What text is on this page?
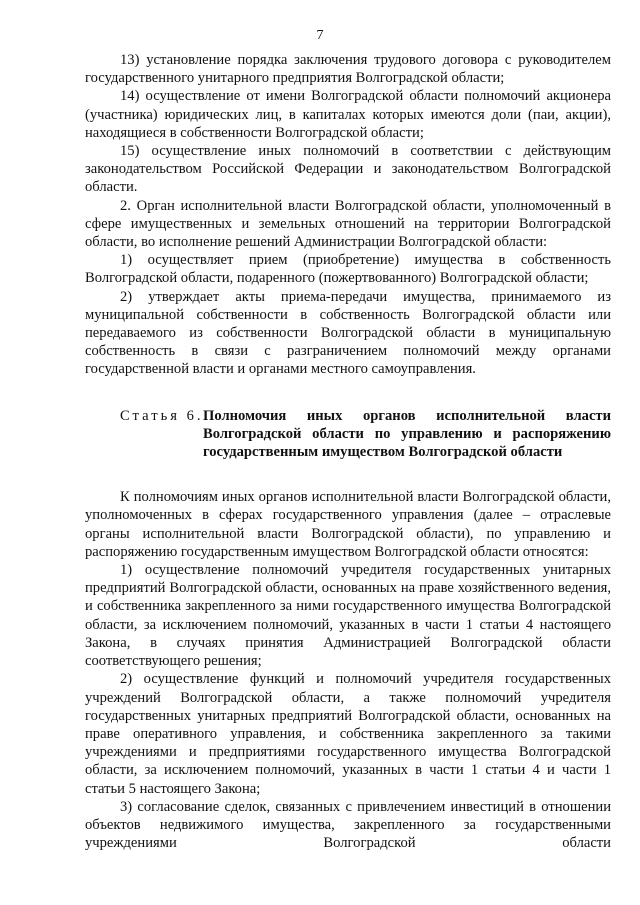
7

13) установление порядка заключения трудового договора с руководителем государственного унитарного предприятия Волгоградской области;

14) осуществление от имени Волгоградской области полномочий акционера (участника) юридических лиц, в капиталах которых имеются доли (паи, акции), находящиеся в собственности Волгоградской области;

15) осуществление иных полномочий в соответствии с действующим законодательством Российской Федерации и законодательством Волгоградской области.

2. Орган исполнительной власти Волгоградской области, уполномоченный в сфере имущественных и земельных отношений на территории Волгоградской области, во исполнение решений Администрации Волгоградской области:

1) осуществляет прием (приобретение) имущества в собственность Волгоградской области, подаренного (пожертвованного) Волгоградской области;

2) утверждает акты приема-передачи имущества, принимаемого из муниципальной собственности в собственность Волгоградской области или передаваемого из собственности Волгоградской области в муниципальную собственность в связи с разграничением полномочий между органами государственной власти и органами местного самоуправления.

Статья 6. Полномочия иных органов исполнительной власти Волгоградской области по управлению и распоряжению государственным имуществом Волгоградской области

К полномочиям иных органов исполнительной власти Волгоградской области, уполномоченных в сферах государственного управления (далее – отраслевые органы исполнительной власти Волгоградской области), по управлению и распоряжению государственным имуществом Волгоградской области относятся:

1) осуществление полномочий учредителя государственных унитарных предприятий Волгоградской области, основанных на праве хозяйственного ведения, и собственника закрепленного за ними государственного имущества Волгоградской области, за исключением полномочий, указанных в части 1 статьи 4 настоящего Закона, в случаях принятия Администрацией Волгоградской области соответствующего решения;

2) осуществление функций и полномочий учредителя государственных учреждений Волгоградской области, а также полномочий учредителя государственных унитарных предприятий Волгоградской области, основанных на праве оперативного управления, и собственника закрепленного за такими учреждениями и предприятиями государственного имущества Волгоградской области, за исключением полномочий, указанных в части 1 статьи 4 и части 1 статьи 5 настоящего Закона;

3) согласование сделок, связанных с привлечением инвестиций в отношении объектов недвижимого имущества, закрепленного за государственными учреждениями Волгоградской области
